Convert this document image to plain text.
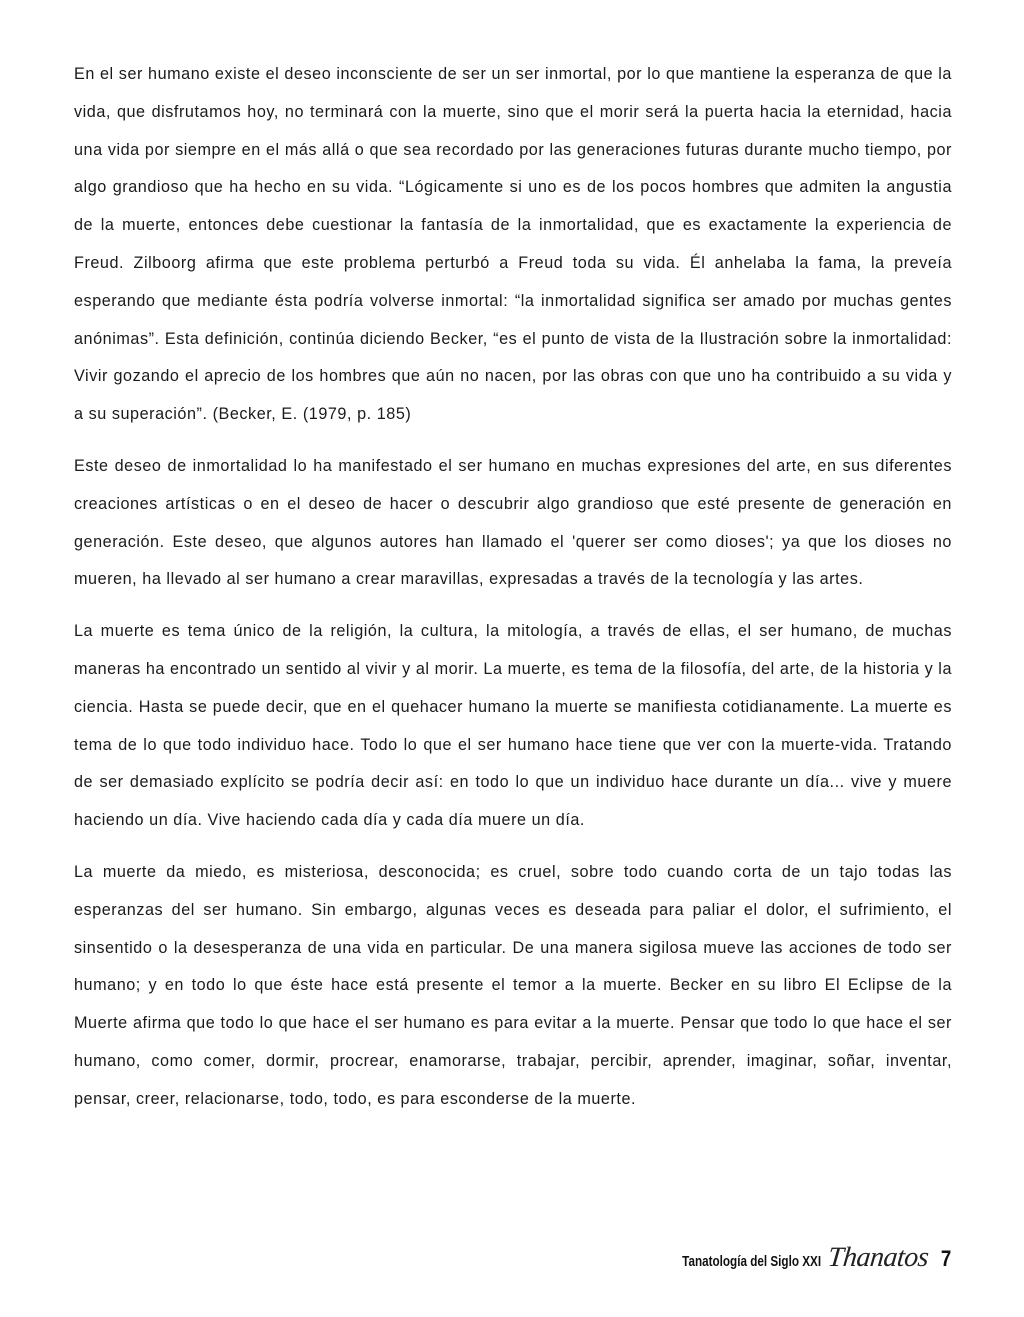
En el ser humano existe el deseo inconsciente de ser un ser inmortal, por lo que mantiene la esperanza de que la vida, que disfrutamos hoy, no terminará con la muerte, sino que el morir será la puerta hacia la eternidad, hacia una vida por siempre en el más allá o que sea recordado por las generaciones futuras durante mucho tiempo, por algo grandioso que ha hecho en su vida. “Lógicamente si uno es de los pocos hombres que admiten la angustia de la muerte, entonces debe cuestionar la fantasía de la inmortalidad, que es exactamente la experiencia de Freud. Zilboorg afirma que este problema perturbó a Freud toda su vida. Él anhelaba la fama, la preveía esperando que mediante ésta podría volverse inmortal: “la inmortalidad significa ser amado por muchas gentes anónimas”. Esta definición, continúa diciendo Becker, “es el punto de vista de la Ilustración sobre la inmortalidad: Vivir gozando el aprecio de los hombres que aún no nacen, por las obras con que uno ha contribuido a su vida y a su superación”. (Becker, E. (1979, p. 185)

Este deseo de inmortalidad lo ha manifestado el ser humano en muchas expresiones del arte, en sus diferentes creaciones artísticas o en el deseo de hacer o descubrir algo grandioso que esté presente de generación en generación. Este deseo, que algunos autores han llamado el 'querer ser como dioses'; ya que los dioses no mueren, ha llevado al ser humano a crear maravillas, expresadas a través de la tecnología y las artes.

La muerte es tema único de la religión, la cultura, la mitología, a través de ellas, el ser humano, de muchas maneras ha encontrado un sentido al vivir y al morir. La muerte, es tema de la filosofía, del arte, de la historia y la ciencia. Hasta se puede decir, que en el quehacer humano la muerte se manifiesta cotidianamente. La muerte es tema de lo que todo individuo hace. Todo lo que el ser humano hace tiene que ver con la muerte-vida. Tratando de ser demasiado explícito se podría decir así: en todo lo que un individuo hace durante un día... vive y muere haciendo un día. Vive haciendo cada día y cada día muere un día.

La muerte da miedo, es misteriosa, desconocida; es cruel, sobre todo cuando corta de un tajo todas las esperanzas del ser humano. Sin embargo, algunas veces es deseada para paliar el dolor, el sufrimiento, el sinsentido o la desesperanza de una vida en particular. De una manera sigilosa mueve las acciones de todo ser humano; y en todo lo que éste hace está presente el temor a la muerte. Becker en su libro El Eclipse de la Muerte afirma que todo lo que hace el ser humano es para evitar a la muerte. Pensar que todo lo que hace el ser humano, como comer, dormir, procrear, enamorarse, trabajar, percibir, aprender, imaginar, soñar, inventar, pensar, creer, relacionarse, todo, todo, es para esconderse de la muerte.

Tanatología del Siglo XXI Thanatos 7
